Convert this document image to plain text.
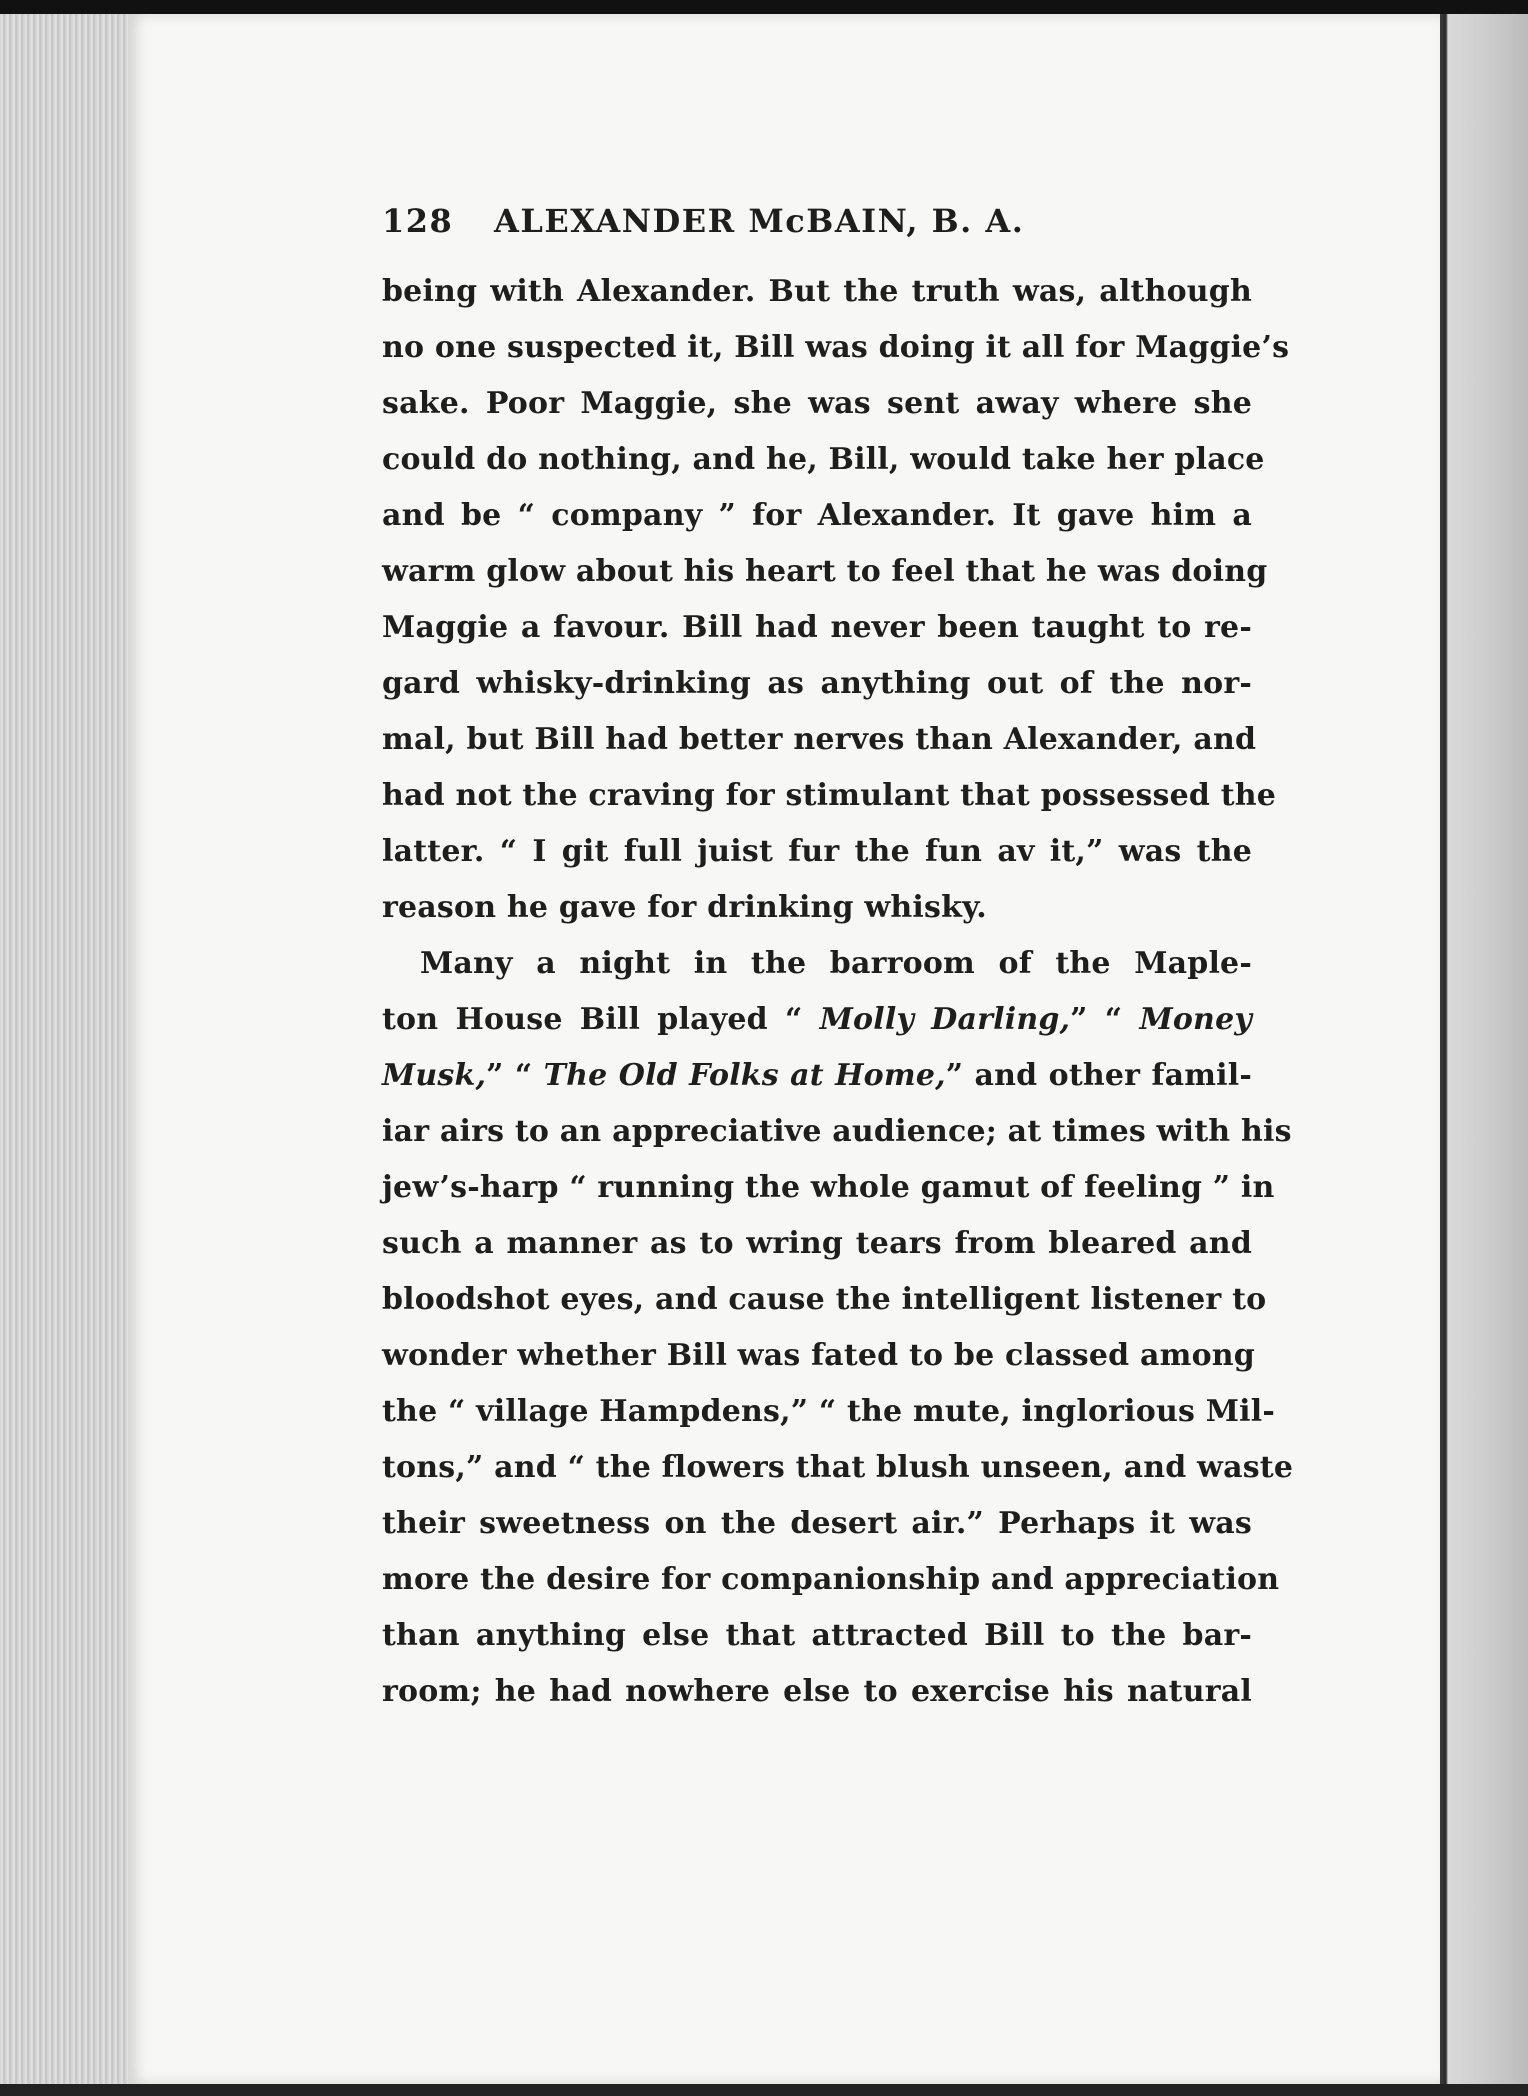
128	ALEXANDER McBAIN, B. A.
being with Alexander. But the truth was, although
no one suspected it, Bill was doing it all for Maggie’s
sake. Poor Maggie, she was sent away where she
could do nothing, and he, Bill, would take her place
and be “ company ” for Alexander. It gave him a
warm glow about his heart to feel that he was doing
Maggie a favour. Bill had never been taught to re-
gard whisky-drinking as anything out of the nor-
mal, but Bill had better nerves than Alexander, and
had not the craving for stimulant that possessed the
latter. “ I git full juist fur the fun av it,” was the
reason he gave for drinking whisky.
Many a night in the barroom of the Maple-
ton House Bill played “ Molly Darling,” “ Money
Musk,” “ The Old Folks at Home,” and other famil-
iar airs to an appreciative audience; at times with his
jew’s-harp “ running the whole gamut of feeling ” in
such a manner as to wring tears from bleared and
bloodshot eyes, and cause the intelligent listener to
wonder whether Bill was fated to be classed among
the “ village Hampdens,” “ the mute, inglorious Mil-
tons,” and “ the flowers that blush unseen, and waste
their sweetness on the desert air.” Perhaps it was
more the desire for companionship and appreciation
than anything else that attracted Bill to the bar-
room; he had nowhere else to exercise his natural
